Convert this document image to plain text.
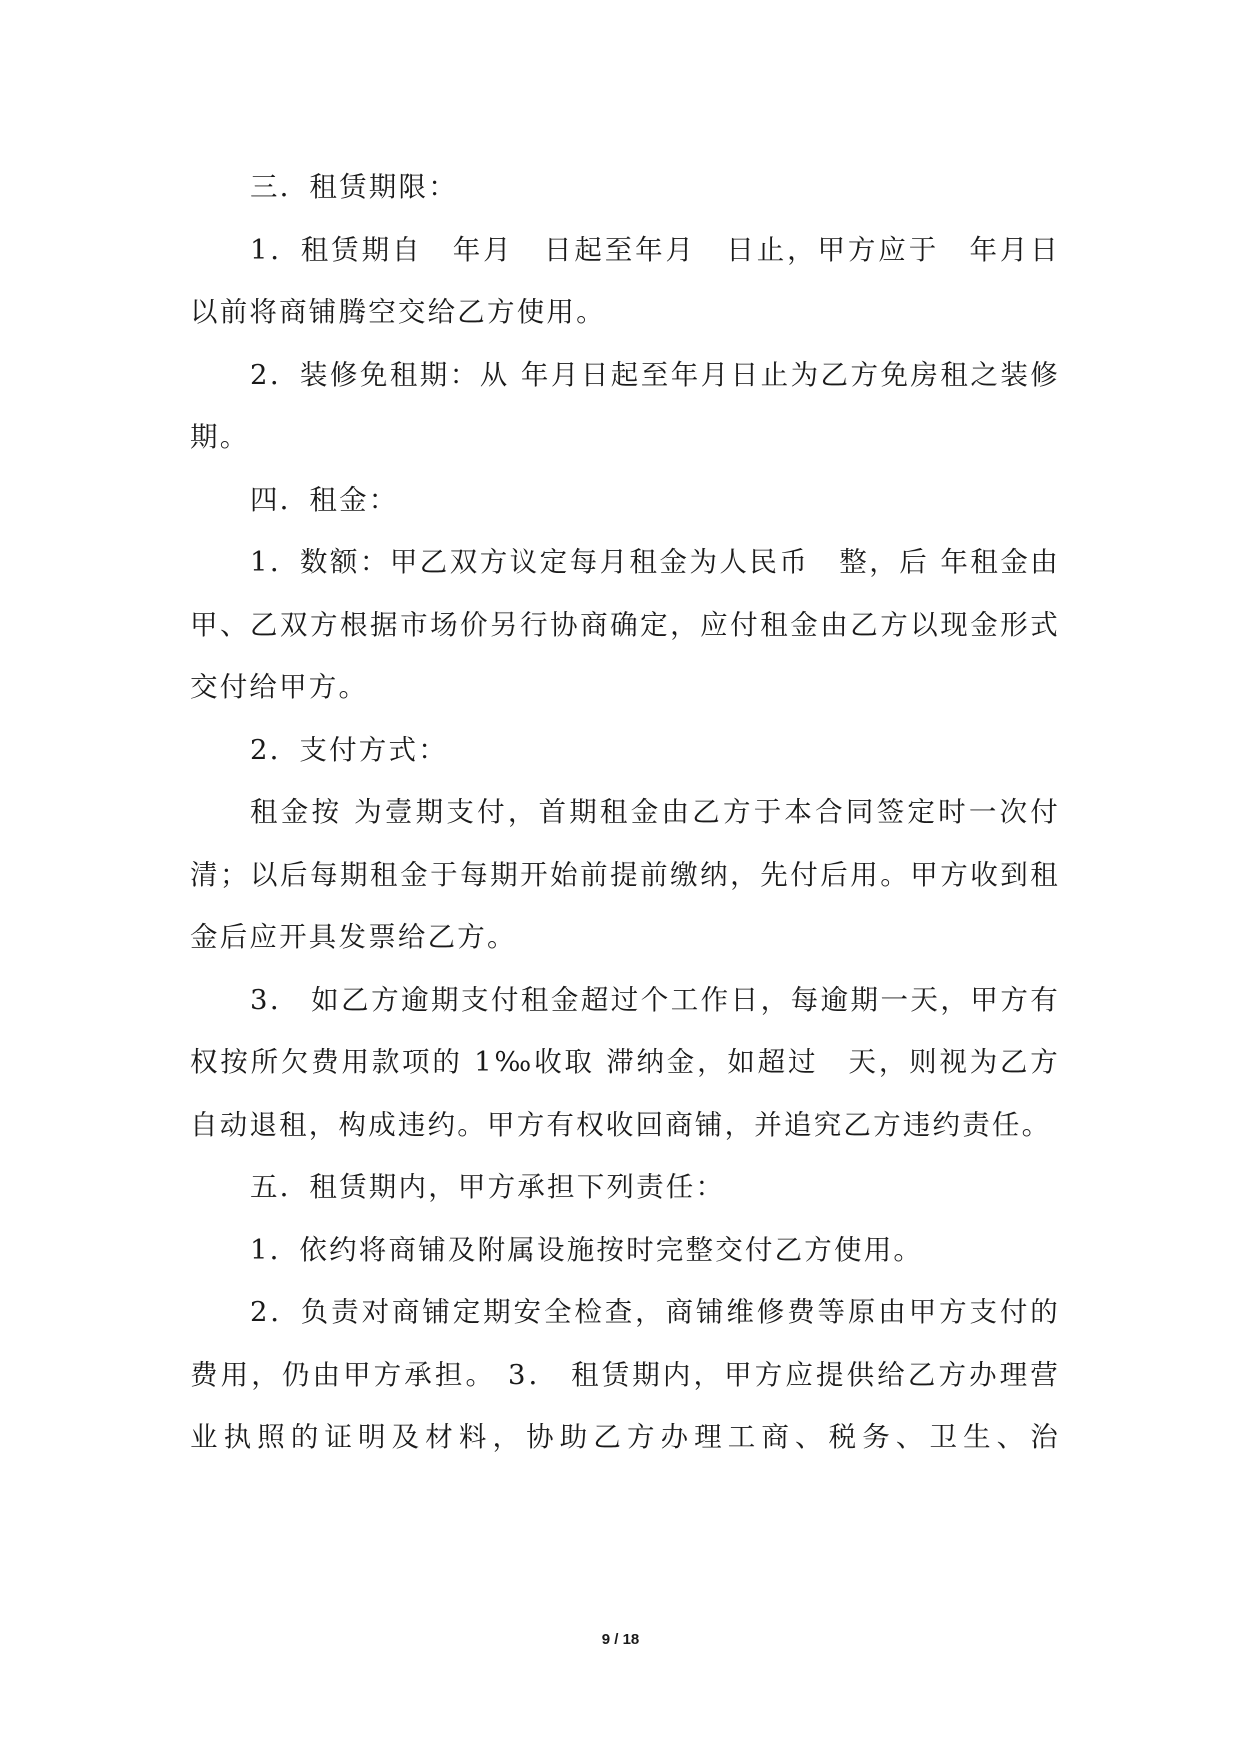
三．租赁期限：

1．租赁期自　年月　日起至年月　日止，甲方应于　年月日以前将商铺腾空交给乙方使用。

2．装修免租期：从 年月日起至年月日止为乙方免房租之装修期。

四．租金：

1．数额：甲乙双方议定每月租金为人民币　整，后 年租金由甲、乙双方根据市场价另行协商确定，应付租金由乙方以现金形式交付给甲方。

2．支付方式：

租金按 为壹期支付，首期租金由乙方于本合同签定时一次付清；以后每期租金于每期开始前提前缴纳，先付后用。甲方收到租金后应开具发票给乙方。

3． 如乙方逾期支付租金超过个工作日，每逾期一天，甲方有权按所欠费用款项的 1‰收取 滞纳金，如超过　天，则视为乙方自动退租，构成违约。甲方有权收回商铺，并追究乙方违约责任。

五．租赁期内，甲方承担下列责任：

1．依约将商铺及附属设施按时完整交付乙方使用。

2．负责对商铺定期安全检查，商铺维修费等原由甲方支付的费用，仍由甲方承担。 3． 租赁期内，甲方应提供给乙方办理营业执照的证明及材料，协助乙方办理工商、税务、卫生、治

9 / 18
